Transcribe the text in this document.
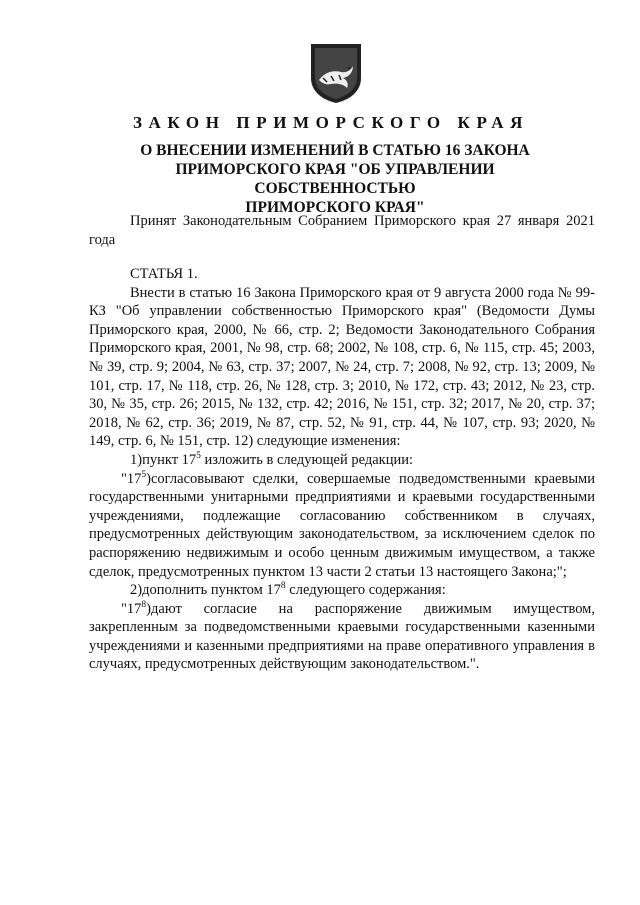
ЗАКОН ПРИМОРСКОГО КРАЯ
О ВНЕСЕНИИ ИЗМЕНЕНИЙ В СТАТЬЮ 16 ЗАКОНА
ПРИМОРСКОГО КРАЯ "ОБ УПРАВЛЕНИИ СОБСТВЕННОСТЬЮ
ПРИМОРСКОГО КРАЯ"
Принят Законодательным Собранием Приморского края 27 января 2021 года

СТАТЬЯ 1.

Внести в статью 16 Закона Приморского края от 9 августа 2000 года № 99-КЗ "Об управлении собственностью Приморского края" (Ведомости Думы Приморского края, 2000, № 66, стр. 2; Ведомости Законодательного Собрания Приморского края, 2001, № 98, стр. 68; 2002, № 108, стр. 6, № 115, стр. 45; 2003, № 39, стр. 9; 2004, № 63, стр. 37; 2007, № 24, стр. 7; 2008, № 92, стр. 13; 2009, № 101, стр. 17, № 118, стр. 26, № 128, стр. 3; 2010, № 172, стр. 43; 2012, № 23, стр. 30, № 35, стр. 26; 2015, № 132, стр. 42; 2016, № 151, стр. 32; 2017, № 20, стр. 37; 2018, № 62, стр. 36; 2019, № 87, стр. 52, № 91, стр. 44, № 107, стр. 93; 2020, № 149, стр. 6, № 151, стр. 12) следующие изменения:

1)пункт $17^5$ изложить в следующей редакции:

"$17^5)согласовывают$ сделки, совершаемые подведомственными краевыми государственными унитарными предприятиями и краевыми государственными учреждениями, подлежащие согласованию собственником в случаях, предусмотренных действующим законодательством, за исключением сделок по распоряжению недвижимым и особо ценным движимым имуществом, а также сделок, предусмотренных пунктом 13 части 2 статьи 13 настоящего Закона;";

2)дополнить пунктом $17^8$ следующего содержания:

"$17^8)дают$ согласие на распоряжение движимым имуществом, закрепленным за подведомственными краевыми государственными казенными учреждениями и казенными предприятиями на праве оперативного управления в случаях, предусмотренных действующим законодательством.".
